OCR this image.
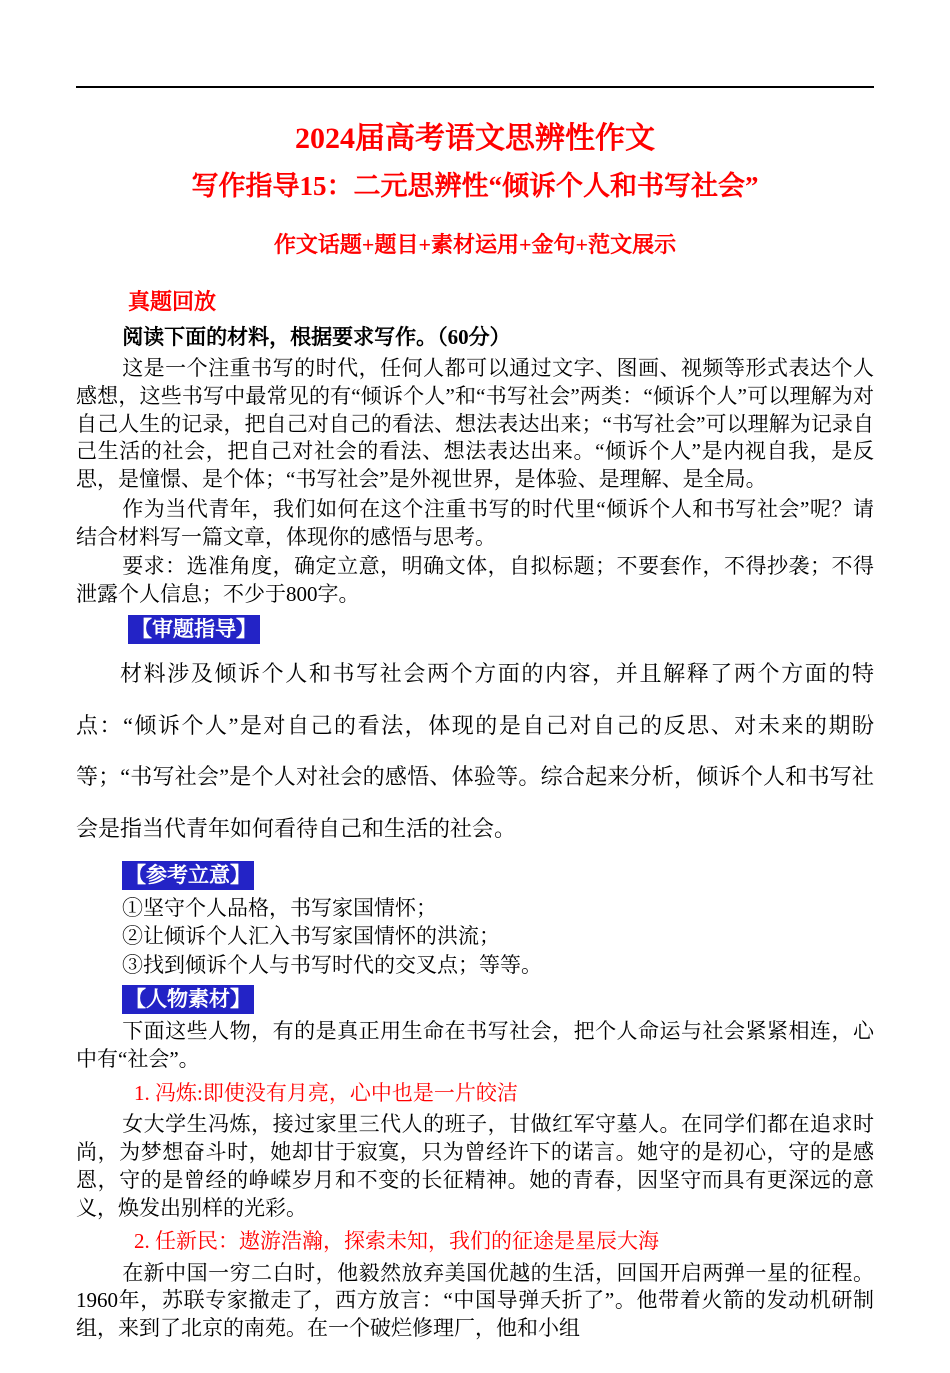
2024届高考语文思辨性作文
写作指导15：二元思辨性“倾诉个人和书写社会”
作文话题+题目+素材运用+金句+范文展示
真题回放
阅读下面的材料，根据要求写作。（60分）
这是一个注重书写的时代，任何人都可以通过文字、图画、视频等形式表达个人感想，这些书写中最常见的有“倾诉个人”和“书写社会”两类：“倾诉个人”可以理解为对自己人生的记录，把自己对自己的看法、想法表达出来；“书写社会”可以理解为记录自己生活的社会，把自己对社会的看法、想法表达出来。“倾诉个人”是内视自我，是反思，是憧憬、是个体；“书写社会”是外视世界，是体验、是理解、是全局。
作为当代青年，我们如何在这个注重书写的时代里“倾诉个人和书写社会”呢？请结合材料写一篇文章，体现你的感悟与思考。
要求：选准角度，确定立意，明确文体，自拟标题；不要套作，不得抄袭；不得泄露个人信息；不少于800字。
【审题指导】
材料涉及倾诉个人和书写社会两个方面的内容，并且解释了两个方面的特点：“倾诉个人”是对自己的看法，体现的是自己对自己的反思、对未来的期盼等；“书写社会”是个人对社会的感悟、体验等。综合起来分析，倾诉个人和书写社会是指当代青年如何看待自己和生活的社会。
【参考立意】
①坚守个人品格，书写家国情怀；
②让倾诉个人汇入书写家国情怀的洪流；
③找到倾诉个人与书写时代的交叉点；等等。
【人物素材】
下面这些人物，有的是真正用生命在书写社会，把个人命运与社会紧紧相连，心中有“社会”。
1. 冯炼:即使没有月亮，心中也是一片皎洁
女大学生冯炼，接过家里三代人的班子，甘做红军守墓人。在同学们都在追求时尚，为梦想奋斗时，她却甘于寂寞，只为曾经许下的诺言。她守的是初心，守的是感恩，守的是曾经的峥嵘岁月和不变的长征精神。她的青春，因坚守而具有更深远的意义，焕发出别样的光彩。
2. 任新民：遨游浩瀚，探索未知，我们的征途是星辰大海
在新中国一穷二白时，他毅然放弃美国优越的生活，回国开启两弹一星的征程。1960年，苏联专家撤走了，西方放言：“中国导弹夭折了”。他带着火箭的发动机研制组，来到了北京的南苑。在一个破烂修理厂，他和小组
